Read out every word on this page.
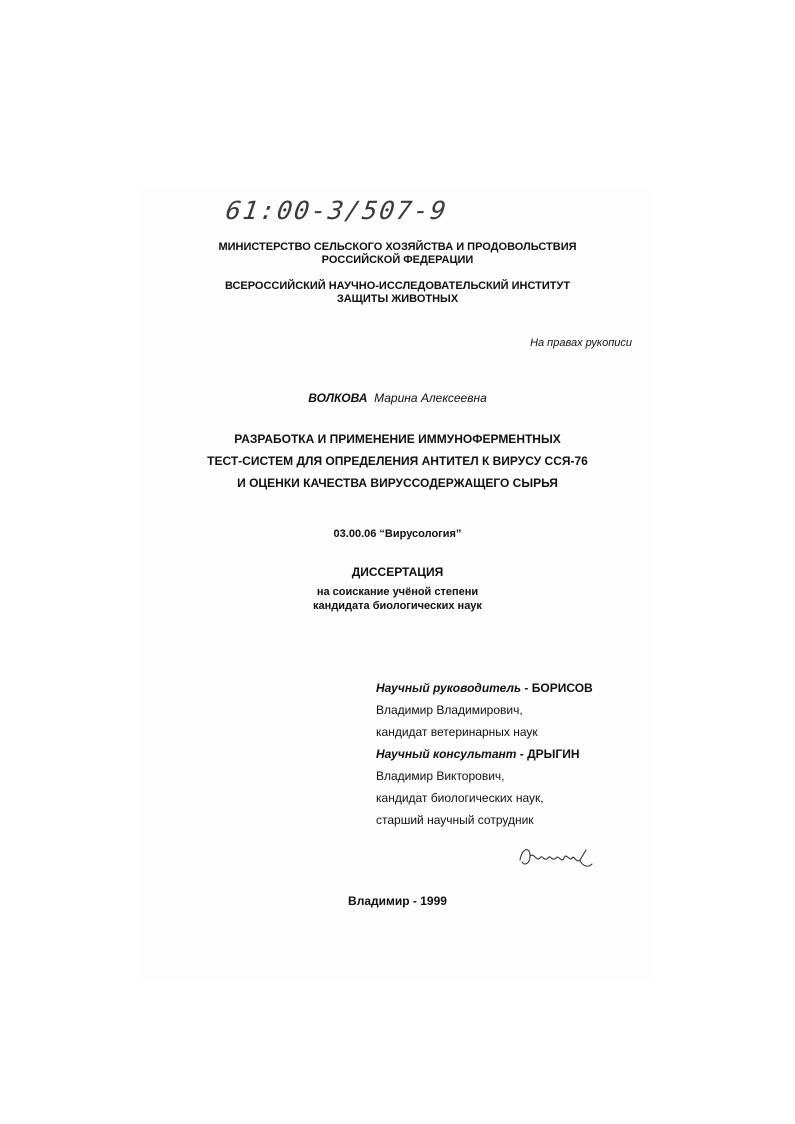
61:00-3/507-9
МИНИСТЕРСТВО СЕЛЬСКОГО ХОЗЯЙСТВА И ПРОДОВОЛЬСТВИЯ
РОССИЙСКОЙ ФЕДЕРАЦИИ
ВСЕРОССИЙСКИЙ НАУЧНО-ИССЛЕДОВАТЕЛЬСКИЙ ИНСТИТУТ
ЗАЩИТЫ ЖИВОТНЫХ
На правах рукописи
ВОЛКОВА Марина Алексеевна
РАЗРАБОТКА И ПРИМЕНЕНИЕ ИММУНОФЕРМЕНТНЫХ
ТЕСТ-СИСТЕМ ДЛЯ ОПРЕДЕЛЕНИЯ АНТИТЕЛ К ВИРУСУ ССЯ-76
И ОЦЕНКИ КАЧЕСТВА ВИРУССОДЕРЖАЩЕГО СЫРЬЯ
03.00.06 “Вирусология”
ДИССЕРТАЦИЯ
на соискание учёной степени
кандидата биологических наук
Научный руководитель - БОРИСОВ
Владимир Владимирович,
кандидат ветеринарных наук
Научный консультант - ДРЫГИН
Владимир Викторович,
кандидат биологических наук,
старший научный сотрудник
Владимир - 1999
